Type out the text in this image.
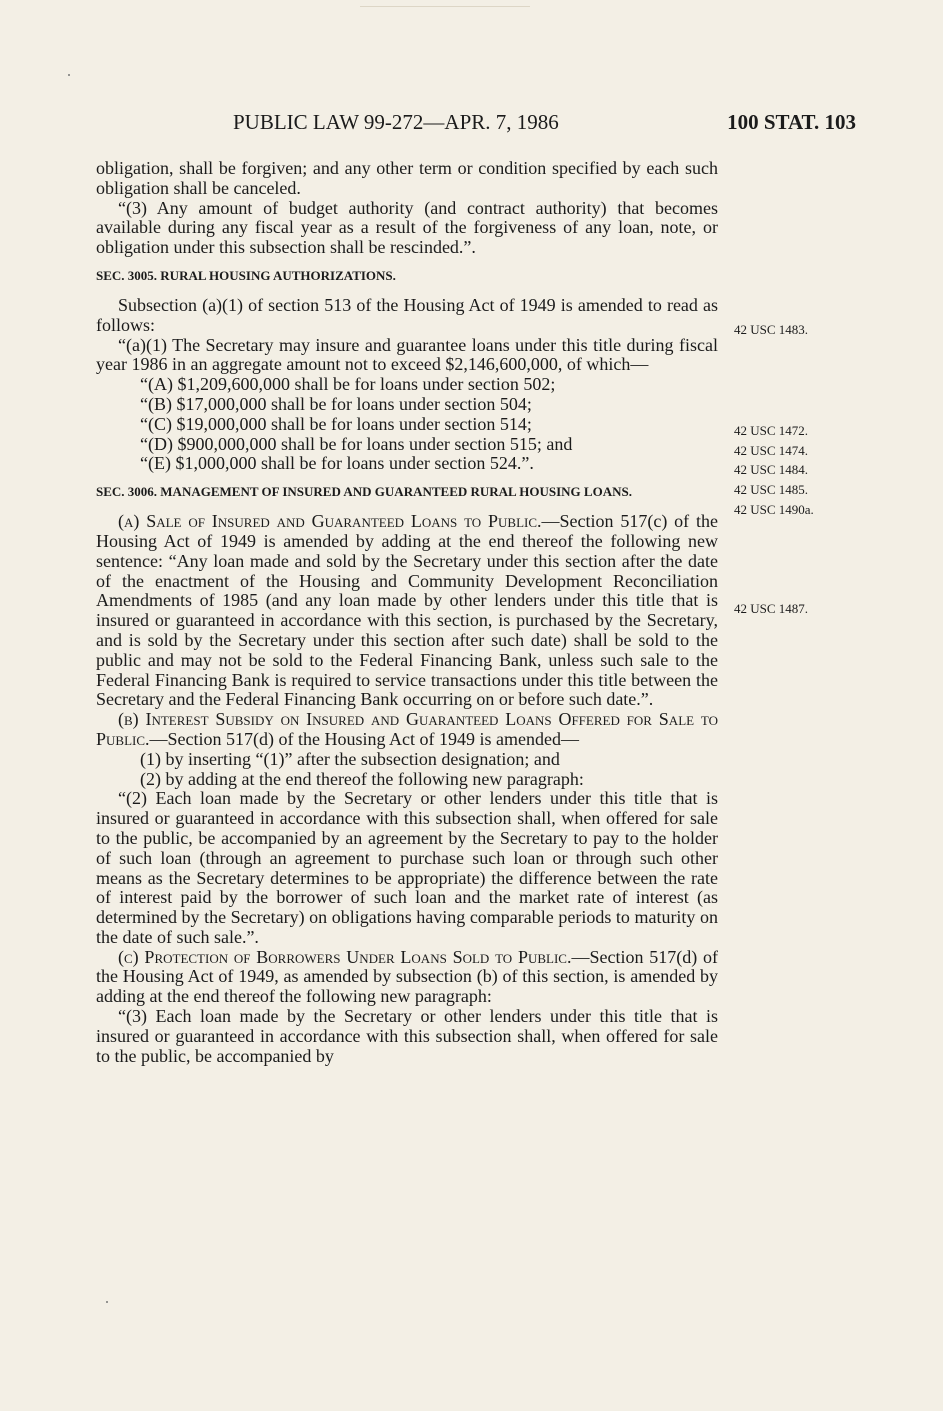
PUBLIC LAW 99-272—APR. 7, 1986	100 STAT. 103

obligation, shall be forgiven; and any other term or condition specified by each such obligation shall be canceled.

“(3) Any amount of budget authority (and contract authority) that becomes available during any fiscal year as a result of the forgiveness of any loan, note, or obligation under this subsection shall be rescinded.”.

SEC. 3005. RURAL HOUSING AUTHORIZATIONS.

Subsection (a)(1) of section 513 of the Housing Act of 1949 is amended to read as follows:

“(a)(1) The Secretary may insure and guarantee loans under this title during fiscal year 1986 in an aggregate amount not to exceed $2,146,600,000, of which—

“(A) $1,209,600,000 shall be for loans under section 502;

“(B) $17,000,000 shall be for loans under section 504;

“(C) $19,000,000 shall be for loans under section 514;

“(D) $900,000,000 shall be for loans under section 515; and

“(E) $1,000,000 shall be for loans under section 524.”.

SEC. 3006. MANAGEMENT OF INSURED AND GUARANTEED RURAL HOUSING LOANS.

(a) Sale of Insured and Guaranteed Loans to Public.—Section 517(c) of the Housing Act of 1949 is amended by adding at the end thereof the following new sentence: “Any loan made and sold by the Secretary under this section after the date of the enactment of the Housing and Community Development Reconciliation Amendments of 1985 (and any loan made by other lenders under this title that is insured or guaranteed in accordance with this section, is purchased by the Secretary, and is sold by the Secretary under this section after such date) shall be sold to the public and may not be sold to the Federal Financing Bank, unless such sale to the Federal Financing Bank is required to service transactions under this title between the Secretary and the Federal Financing Bank occurring on or before such date.”.

(b) Interest Subsidy on Insured and Guaranteed Loans Offered for Sale to Public.—Section 517(d) of the Housing Act of 1949 is amended—

(1) by inserting “(1)” after the subsection designation; and

(2) by adding at the end thereof the following new paragraph:

“(2) Each loan made by the Secretary or other lenders under this title that is insured or guaranteed in accordance with this subsection shall, when offered for sale to the public, be accompanied by an agreement by the Secretary to pay to the holder of such loan (through an agreement to purchase such loan or through such other means as the Secretary determines to be appropriate) the difference between the rate of interest paid by the borrower of such loan and the market rate of interest (as determined by the Secretary) on obligations having comparable periods to maturity on the date of such sale.”.

(c) Protection of Borrowers Under Loans Sold to Public.—Section 517(d) of the Housing Act of 1949, as amended by subsection (b) of this section, is amended by adding at the end thereof the following new paragraph:

“(3) Each loan made by the Secretary or other lenders under this title that is insured or guaranteed in accordance with this subsection shall, when offered for sale to the public, be accompanied by

42 USC 1483.
42 USC 1472.
42 USC 1474.
42 USC 1484.
42 USC 1485.
42 USC 1490a.
42 USC 1487.
